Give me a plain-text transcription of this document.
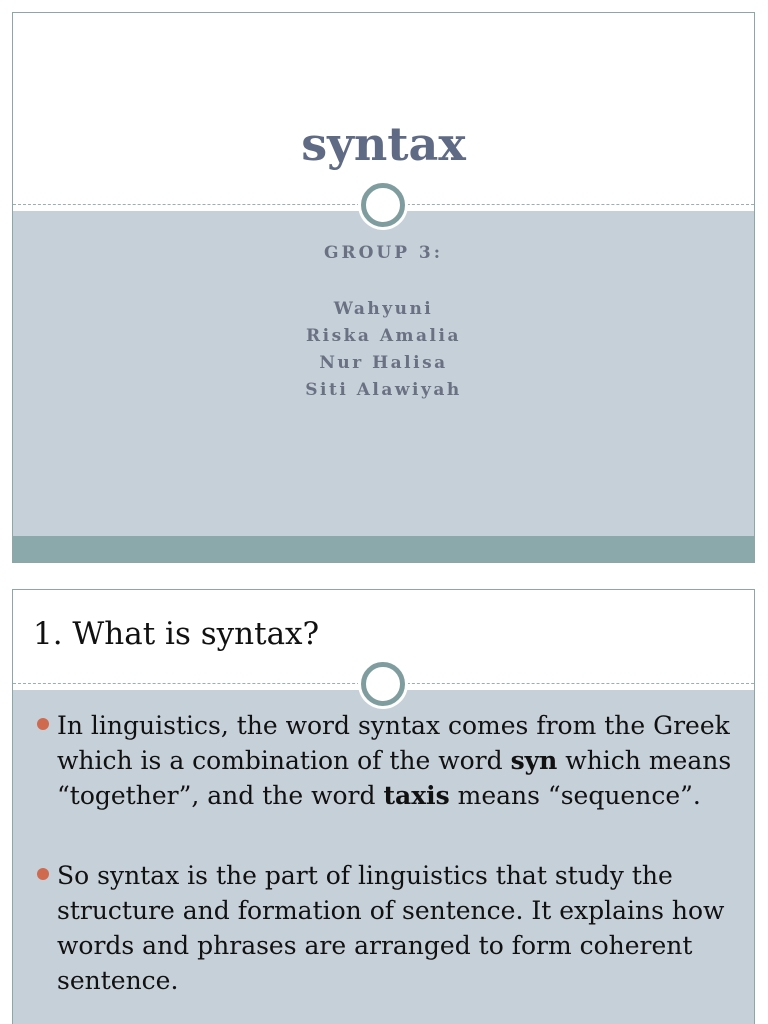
syntax
GROUP 3:
Wahyuni
Riska Amalia
Nur Halisa
Siti Alawiyah
1. What is syntax?
In linguistics, the word syntax comes from the Greek which is a combination of the word syn which means “together”, and the word taxis means “sequence”.
So syntax is the part of linguistics that study the structure and formation of sentence. It explains how words and phrases are arranged to form coherent sentence.
